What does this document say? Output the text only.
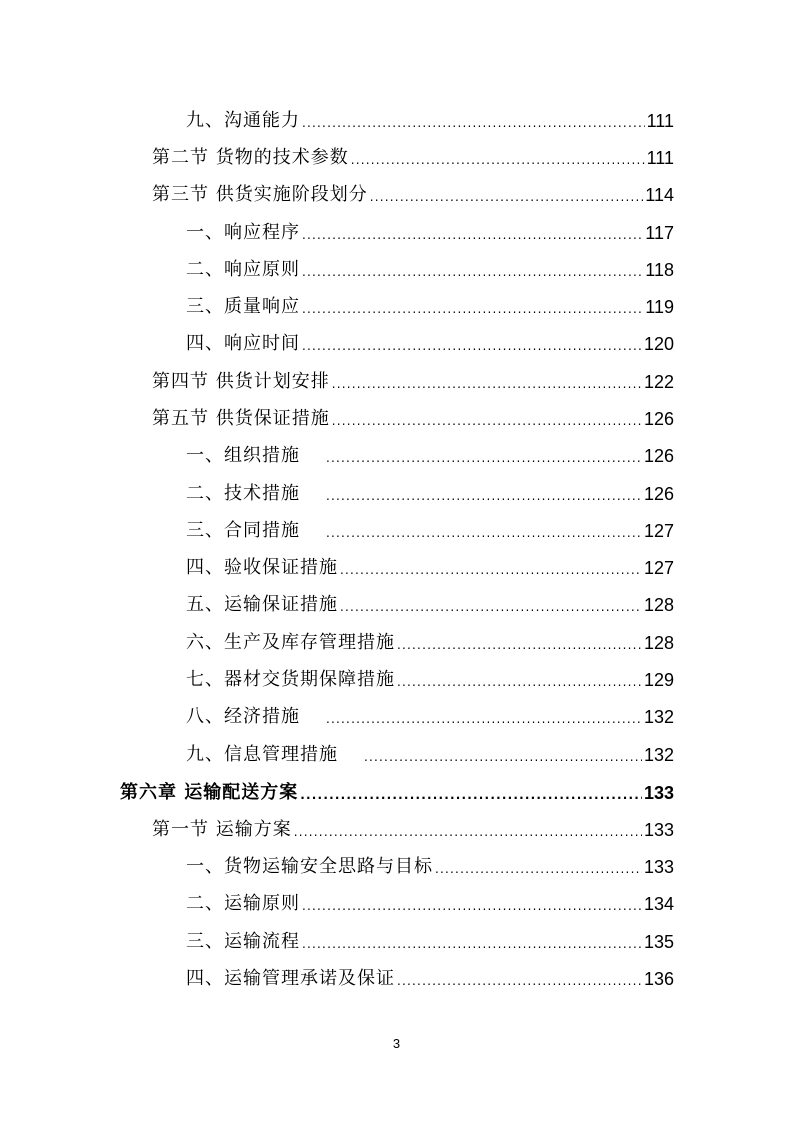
九、沟通能力 .....	111
第二节 货物的技术参数 .....	111
第三节 供货实施阶段划分 .....	114
一、响应程序 .....	117
二、响应原则 .....	118
三、质量响应 .....	119
四、响应时间 .....	120
第四节 供货计划安排 .....	122
第五节 供货保证措施 .....	126
一、组织措施 .....	126
二、技术措施 .....	126
三、合同措施 .....	127
四、验收保证措施 .....	127
五、运输保证措施 .....	128
六、生产及库存管理措施 .....	128
七、器材交货期保障措施 .....	129
八、经济措施 .....	132
九、信息管理措施 .....	132
第六章 运输配送方案 .....	133
第一节 运输方案 .....	133
一、货物运输安全思路与目标 .....	133
二、运输原则 .....	134
三、运输流程 .....	135
四、运输管理承诺及保证 .....	136
3
